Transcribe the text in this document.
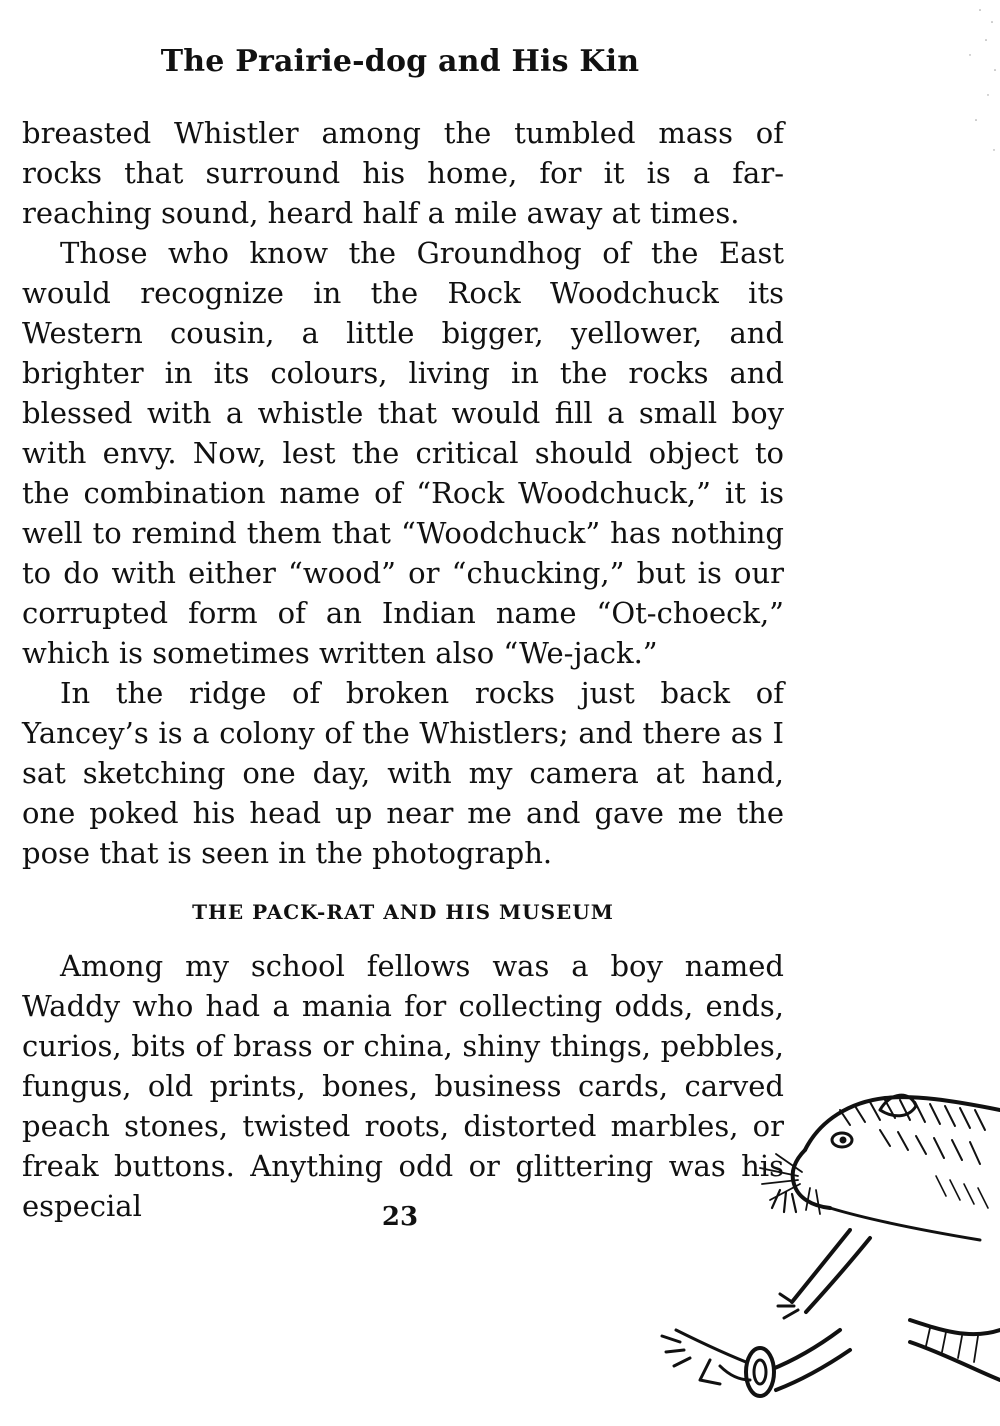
The Prairie-dog and His Kin

breasted Whistler among the tumbled mass of rocks that surround his home, for it is a far-reaching sound, heard half a mile away at times.

Those who know the Groundhog of the East would recognize in the Rock Woodchuck its Western cousin, a little bigger, yellower, and brighter in its colours, living in the rocks and blessed with a whistle that would fill a small boy with envy. Now, lest the critical should object to the combination name of “Rock Woodchuck,” it is well to remind them that “Woodchuck” has nothing to do with either “wood” or “chucking,” but is our corrupted form of an Indian name “Ot-choeck,” which is sometimes written also “We-jack.”

In the ridge of broken rocks just back of Yancey’s is a colony of the Whistlers; and there as I sat sketching one day, with my camera at hand, one poked his head up near me and gave me the pose that is seen in the photograph.

THE PACK-RAT AND HIS MUSEUM

Among my school fellows was a boy named Waddy who had a mania for collecting odds, ends, curios, bits of brass or china, shiny things, pebbles, fungus, old prints, bones, business cards, carved peach stones, twisted roots, distorted marbles, or freak buttons. Anything odd or glittering was his especial	23
